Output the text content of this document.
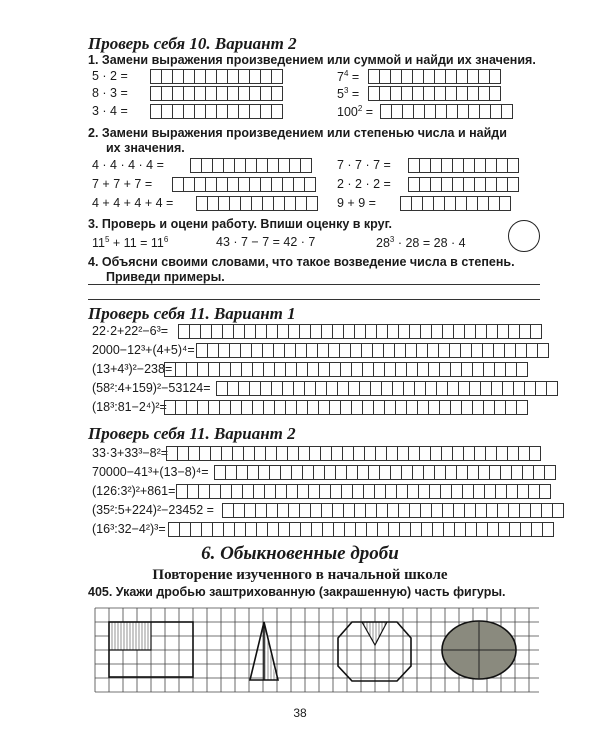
Проверь себя 10. Вариант 2
1. Замени выражения произведением или суммой и найди их значения.
5 · 2 =	$7^4$ =
8 · 3 =	$5^3$ =
3 · 4 =	$100^2$ =
2. Замени выражения произведением или степенью числа и найди
их значения.
4 · 4 · 4 · 4 =	7 · 7 · 7 =
7 + 7 + 7 =	2 · 2 · 2 =
4 + 4 + 4 + 4 =	9 + 9 =
3. Проверь и оцени работу. Впиши оценку в круг.
$11^5 + 11 = 11^6$	43 · 7 − 7 = 42 · 7	$28^3 \cdot 28 = 28 \cdot 4$
4. Объясни своими словами, что такое возведение числа в степень.
Приведи примеры.
Проверь себя 11. Вариант 1
22·2+22²−6³=
2000−12³+(4+5)⁴=
(13+4³)²−238=
(58²:4+159)²−53124=
(18³:81−2⁴)²=
Проверь себя 11. Вариант 2
33·3+33³−8²=
70000−41³+(13−8)⁴=
(126:3²)²+861=
(35²:5+224)²−23452 =
(16³:32−4²)³=
6. Обыкновенные дроби
Повторение изученного в начальной школе
405. Укажи дробью заштрихованную (закрашенную) часть фигуры.
38
